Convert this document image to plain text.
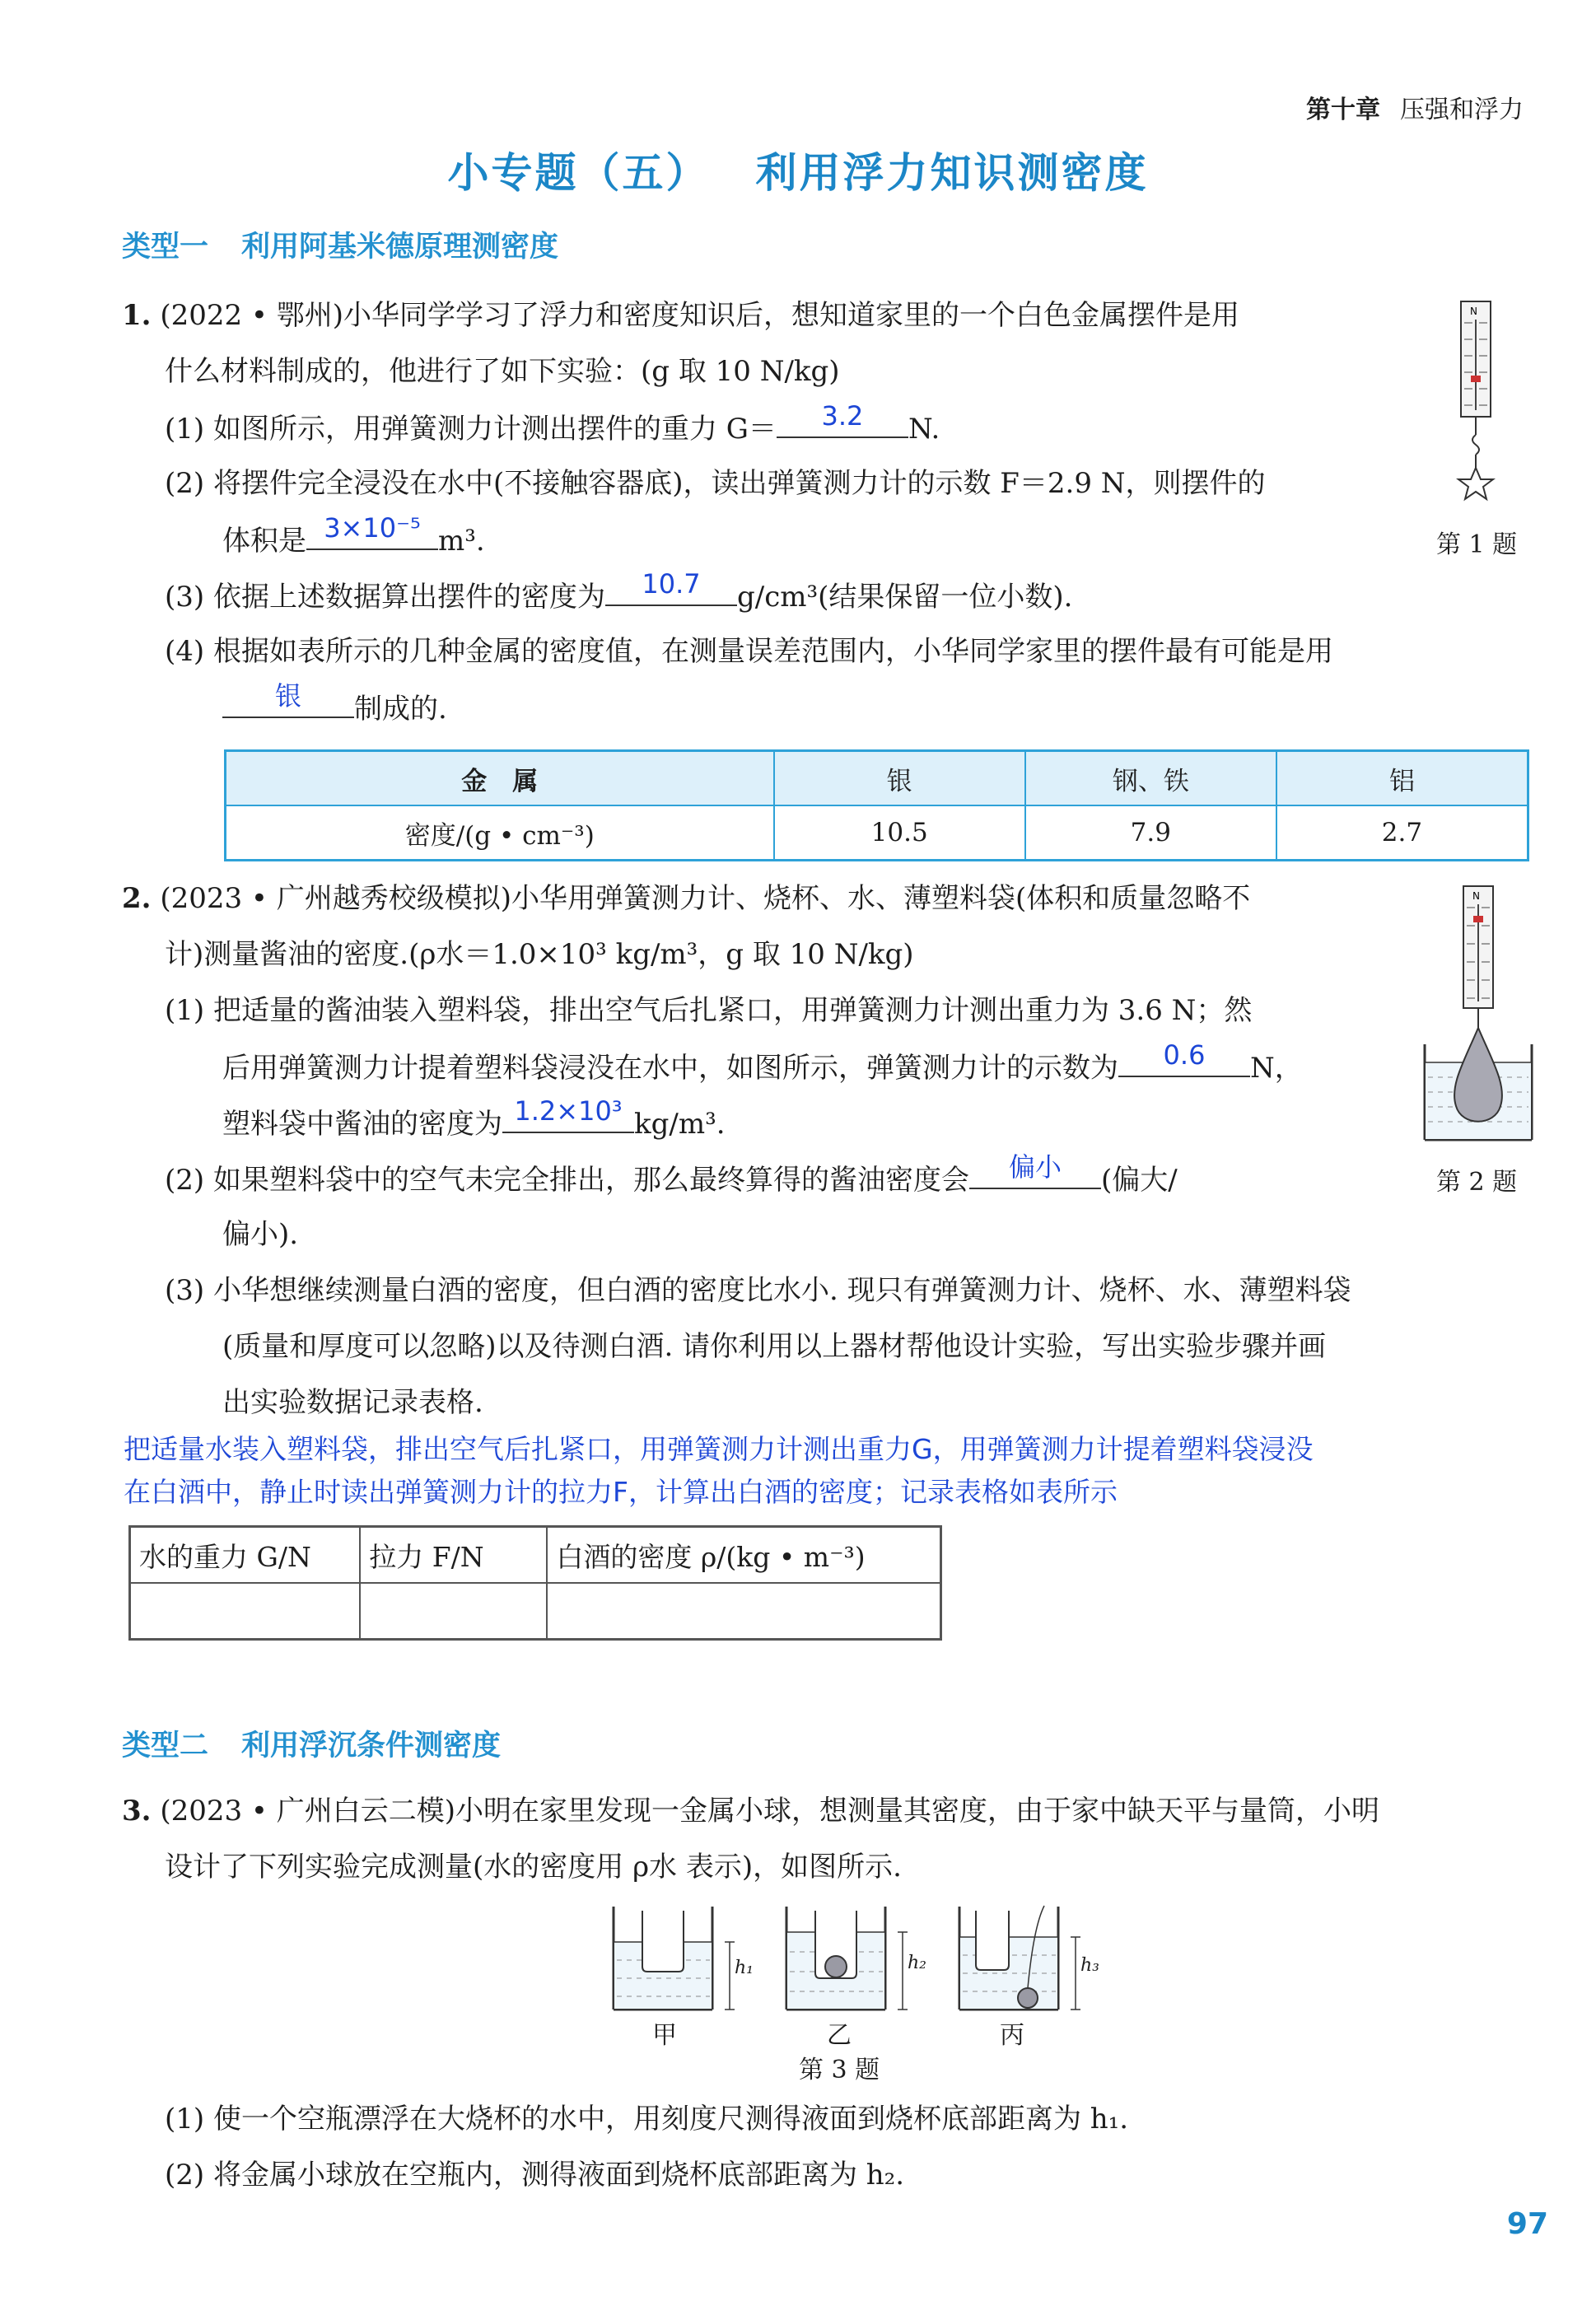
第十章 压强和浮力
小专题（五） 利用浮力知识测密度
类型一 利用阿基米德原理测密度
1. (2022 • 鄂州)小华同学学习了浮力和密度知识后，想知道家里的一个白色金属摆件是用
什么材料制成的，他进行了如下实验：(g 取 10 N/kg)
(1) 如图所示，用弹簧测力计测出摆件的重力 G＝	3.2	N.
(2) 将摆件完全浸没在水中(不接触容器底)，读出弹簧测力计的示数 F＝2.9 N，则摆件的
体积是 3×10⁻⁵ m³.
(3) 依据上述数据算出摆件的密度为	10.7	g/cm³(结果保留一位小数).
(4) 根据如表所示的几种金属的密度值，在测量误差范围内，小华同学家里的摆件最有可能是用
银	制成的.
N
第 1 题
金　属	银	钢、铁	铝
密度/(g • cm⁻³)	10.5	7.9	2.7
2. (2023 • 广州越秀校级模拟)小华用弹簧测力计、烧杯、水、薄塑料袋(体积和质量忽略不
计)测量酱油的密度.(ρ水＝1.0×10³ kg/m³，g 取 10 N/kg)
(1) 把适量的酱油装入塑料袋，排出空气后扎紧口，用弹簧测力计测出重力为 3.6 N；然
后用弹簧测力计提着塑料袋浸没在水中，如图所示，弹簧测力计的示数为	0.6	N，
塑料袋中酱油的密度为 1.2×10³ kg/m³.
(2) 如果塑料袋中的空气未完全排出，那么最终算得的酱油密度会	偏小	(偏大/
偏小).
(3) 小华想继续测量白酒的密度，但白酒的密度比水小. 现只有弹簧测力计、烧杯、水、薄塑料袋
(质量和厚度可以忽略)以及待测白酒. 请你利用以上器材帮他设计实验，写出实验步骤并画
出实验数据记录表格.
把适量水装入塑料袋，排出空气后扎紧口，用弹簧测力计测出重力G，用弹簧测力计提着塑料袋浸没
在白酒中，静止时读出弹簧测力计的拉力F，计算出白酒的密度；记录表格如表所示
N
第 2 题
水的重力 G/N	拉力 F/N	白酒的密度 ρ/(kg • m⁻³)

类型二 利用浮沉条件测密度
3. (2023 • 广州白云二模)小明在家里发现一金属小球，想测量其密度，由于家中缺天平与量筒，小明
设计了下列实验完成测量(水的密度用 ρ水 表示)，如图所示.
h₁	h₂	h₃
甲	乙	丙
第 3 题
(1) 使一个空瓶漂浮在大烧杯的水中，用刻度尺测得液面到烧杯底部距离为 h₁.
(2) 将金属小球放在空瓶内，测得液面到烧杯底部距离为 h₂.
97
